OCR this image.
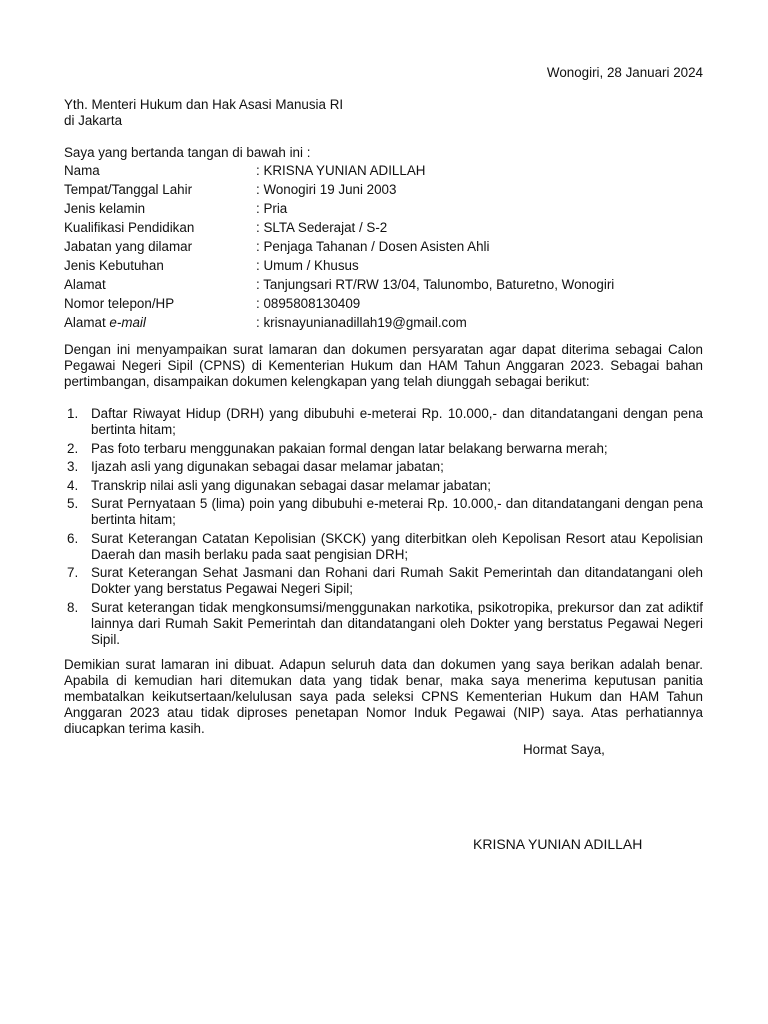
Wonogiri, 28 Januari 2024
Yth. Menteri Hukum dan Hak Asasi Manusia RI
di Jakarta
Saya yang bertanda tangan di bawah ini :
Nama	: KRISNA YUNIAN ADILLAH
Tempat/Tanggal Lahir	: Wonogiri 19 Juni 2003
Jenis kelamin	: Pria
Kualifikasi Pendidikan	: SLTA Sederajat / S-2
Jabatan yang dilamar	: Penjaga Tahanan / Dosen Asisten Ahli
Jenis Kebutuhan	: Umum / Khusus
Alamat	: Tanjungsari RT/RW 13/04, Talunombo, Baturetno, Wonogiri
Nomor telepon/HP	: 0895808130409
Alamat e-mail	: krisnayunianadillah19@gmail.com
Dengan ini menyampaikan surat lamaran dan dokumen persyaratan agar dapat diterima sebagai Calon Pegawai Negeri Sipil (CPNS) di Kementerian Hukum dan HAM Tahun Anggaran 2023. Sebagai bahan pertimbangan, disampaikan dokumen kelengkapan yang telah diunggah sebagai berikut:
1. Daftar Riwayat Hidup (DRH) yang dibubuhi e-meterai Rp. 10.000,- dan ditandatangani dengan pena bertinta hitam;
2. Pas foto terbaru menggunakan pakaian formal dengan latar belakang berwarna merah;
3. Ijazah asli yang digunakan sebagai dasar melamar jabatan;
4. Transkrip nilai asli yang digunakan sebagai dasar melamar jabatan;
5. Surat Pernyataan 5 (lima) poin yang dibubuhi e-meterai Rp. 10.000,- dan ditandatangani dengan pena bertinta hitam;
6. Surat Keterangan Catatan Kepolisian (SKCK) yang diterbitkan oleh Kepolisan Resort atau Kepolisian Daerah dan masih berlaku pada saat pengisian DRH;
7. Surat Keterangan Sehat Jasmani dan Rohani dari Rumah Sakit Pemerintah dan ditandatangani oleh Dokter yang berstatus Pegawai Negeri Sipil;
8. Surat keterangan tidak mengkonsumsi/menggunakan narkotika, psikotropika, prekursor dan zat adiktif lainnya dari Rumah Sakit Pemerintah dan ditandatangani oleh Dokter yang berstatus Pegawai Negeri Sipil.
Demikian surat lamaran ini dibuat. Adapun seluruh data dan dokumen yang saya berikan adalah benar. Apabila di kemudian hari ditemukan data yang tidak benar, maka saya menerima keputusan panitia membatalkan keikutsertaan/kelulusan saya pada seleksi CPNS Kementerian Hukum dan HAM Tahun Anggaran 2023 atau tidak diproses penetapan Nomor Induk Pegawai (NIP) saya. Atas perhatiannya diucapkan terima kasih.
Hormat Saya,
KRISNA YUNIAN ADILLAH
